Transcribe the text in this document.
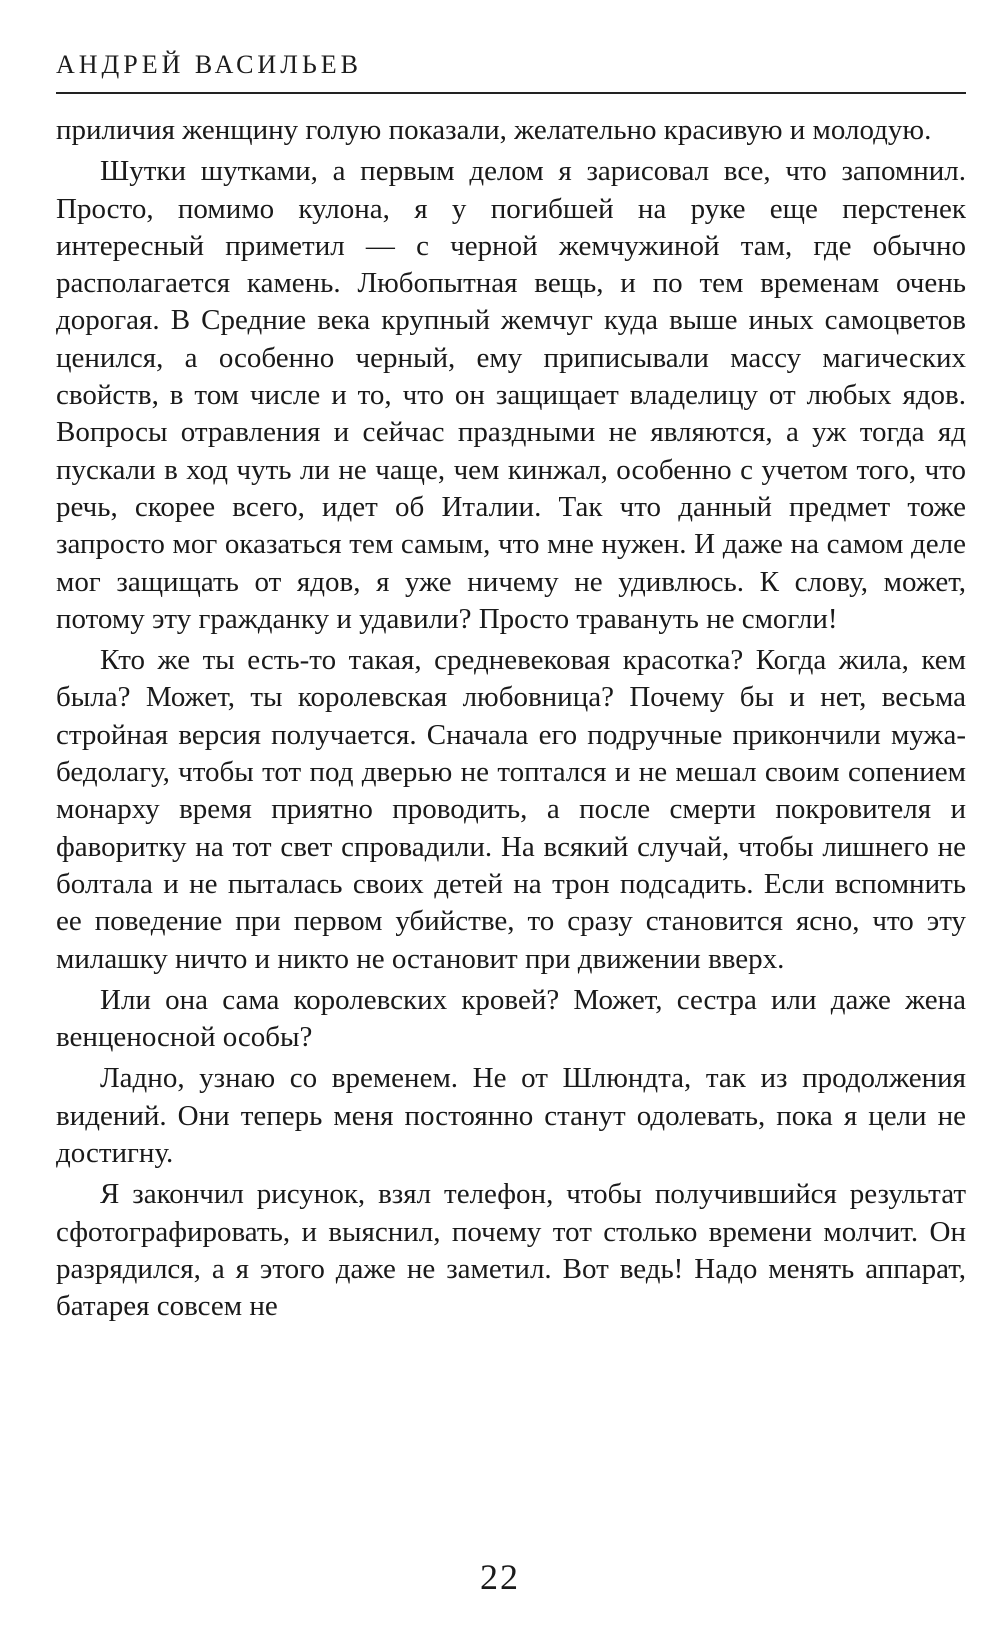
АНДРЕЙ ВАСИЛЬЕВ

приличия женщину голую показали, желательно красивую и молодую.

Шутки шутками, а первым делом я зарисовал все, что запомнил. Просто, помимо кулона, я у погибшей на руке еще перстенек интересный приметил — с черной жемчужиной там, где обычно располагается камень. Любопытная вещь, и по тем временам очень дорогая. В Средние века крупный жемчуг куда выше иных самоцветов ценился, а особенно черный, ему приписывали массу магических свойств, в том числе и то, что он защищает владелицу от любых ядов. Вопросы отравления и сейчас праздными не являются, а уж тогда яд пускали в ход чуть ли не чаще, чем кинжал, особенно с учетом того, что речь, скорее всего, идет об Италии. Так что данный предмет тоже запросто мог оказаться тем самым, что мне нужен. И даже на самом деле мог защищать от ядов, я уже ничему не удивлюсь. К слову, может, потому эту гражданку и удавили? Просто травануть не смогли!

Кто же ты есть-то такая, средневековая красотка? Когда жила, кем была? Может, ты королевская любовница? Почему бы и нет, весьма стройная версия получается. Сначала его подручные прикончили мужа-бедолагу, чтобы тот под дверью не топтался и не мешал своим сопением монарху время приятно проводить, а после смерти покровителя и фаворитку на тот свет спровадили. На всякий случай, чтобы лишнего не болтала и не пыталась своих детей на трон подсадить. Если вспомнить ее поведение при первом убийстве, то сразу становится ясно, что эту милашку ничто и никто не остановит при движении вверх.

Или она сама королевских кровей? Может, сестра или даже жена венценосной особы?

Ладно, узнаю со временем. Не от Шлюндта, так из продолжения видений. Они теперь меня постоянно станут одолевать, пока я цели не достигну.

Я закончил рисунок, взял телефон, чтобы получившийся результат сфотографировать, и выяснил, почему тот столько времени молчит. Он разрядился, а я этого даже не заметил. Вот ведь! Надо менять аппарат, батарея совсем не

22
